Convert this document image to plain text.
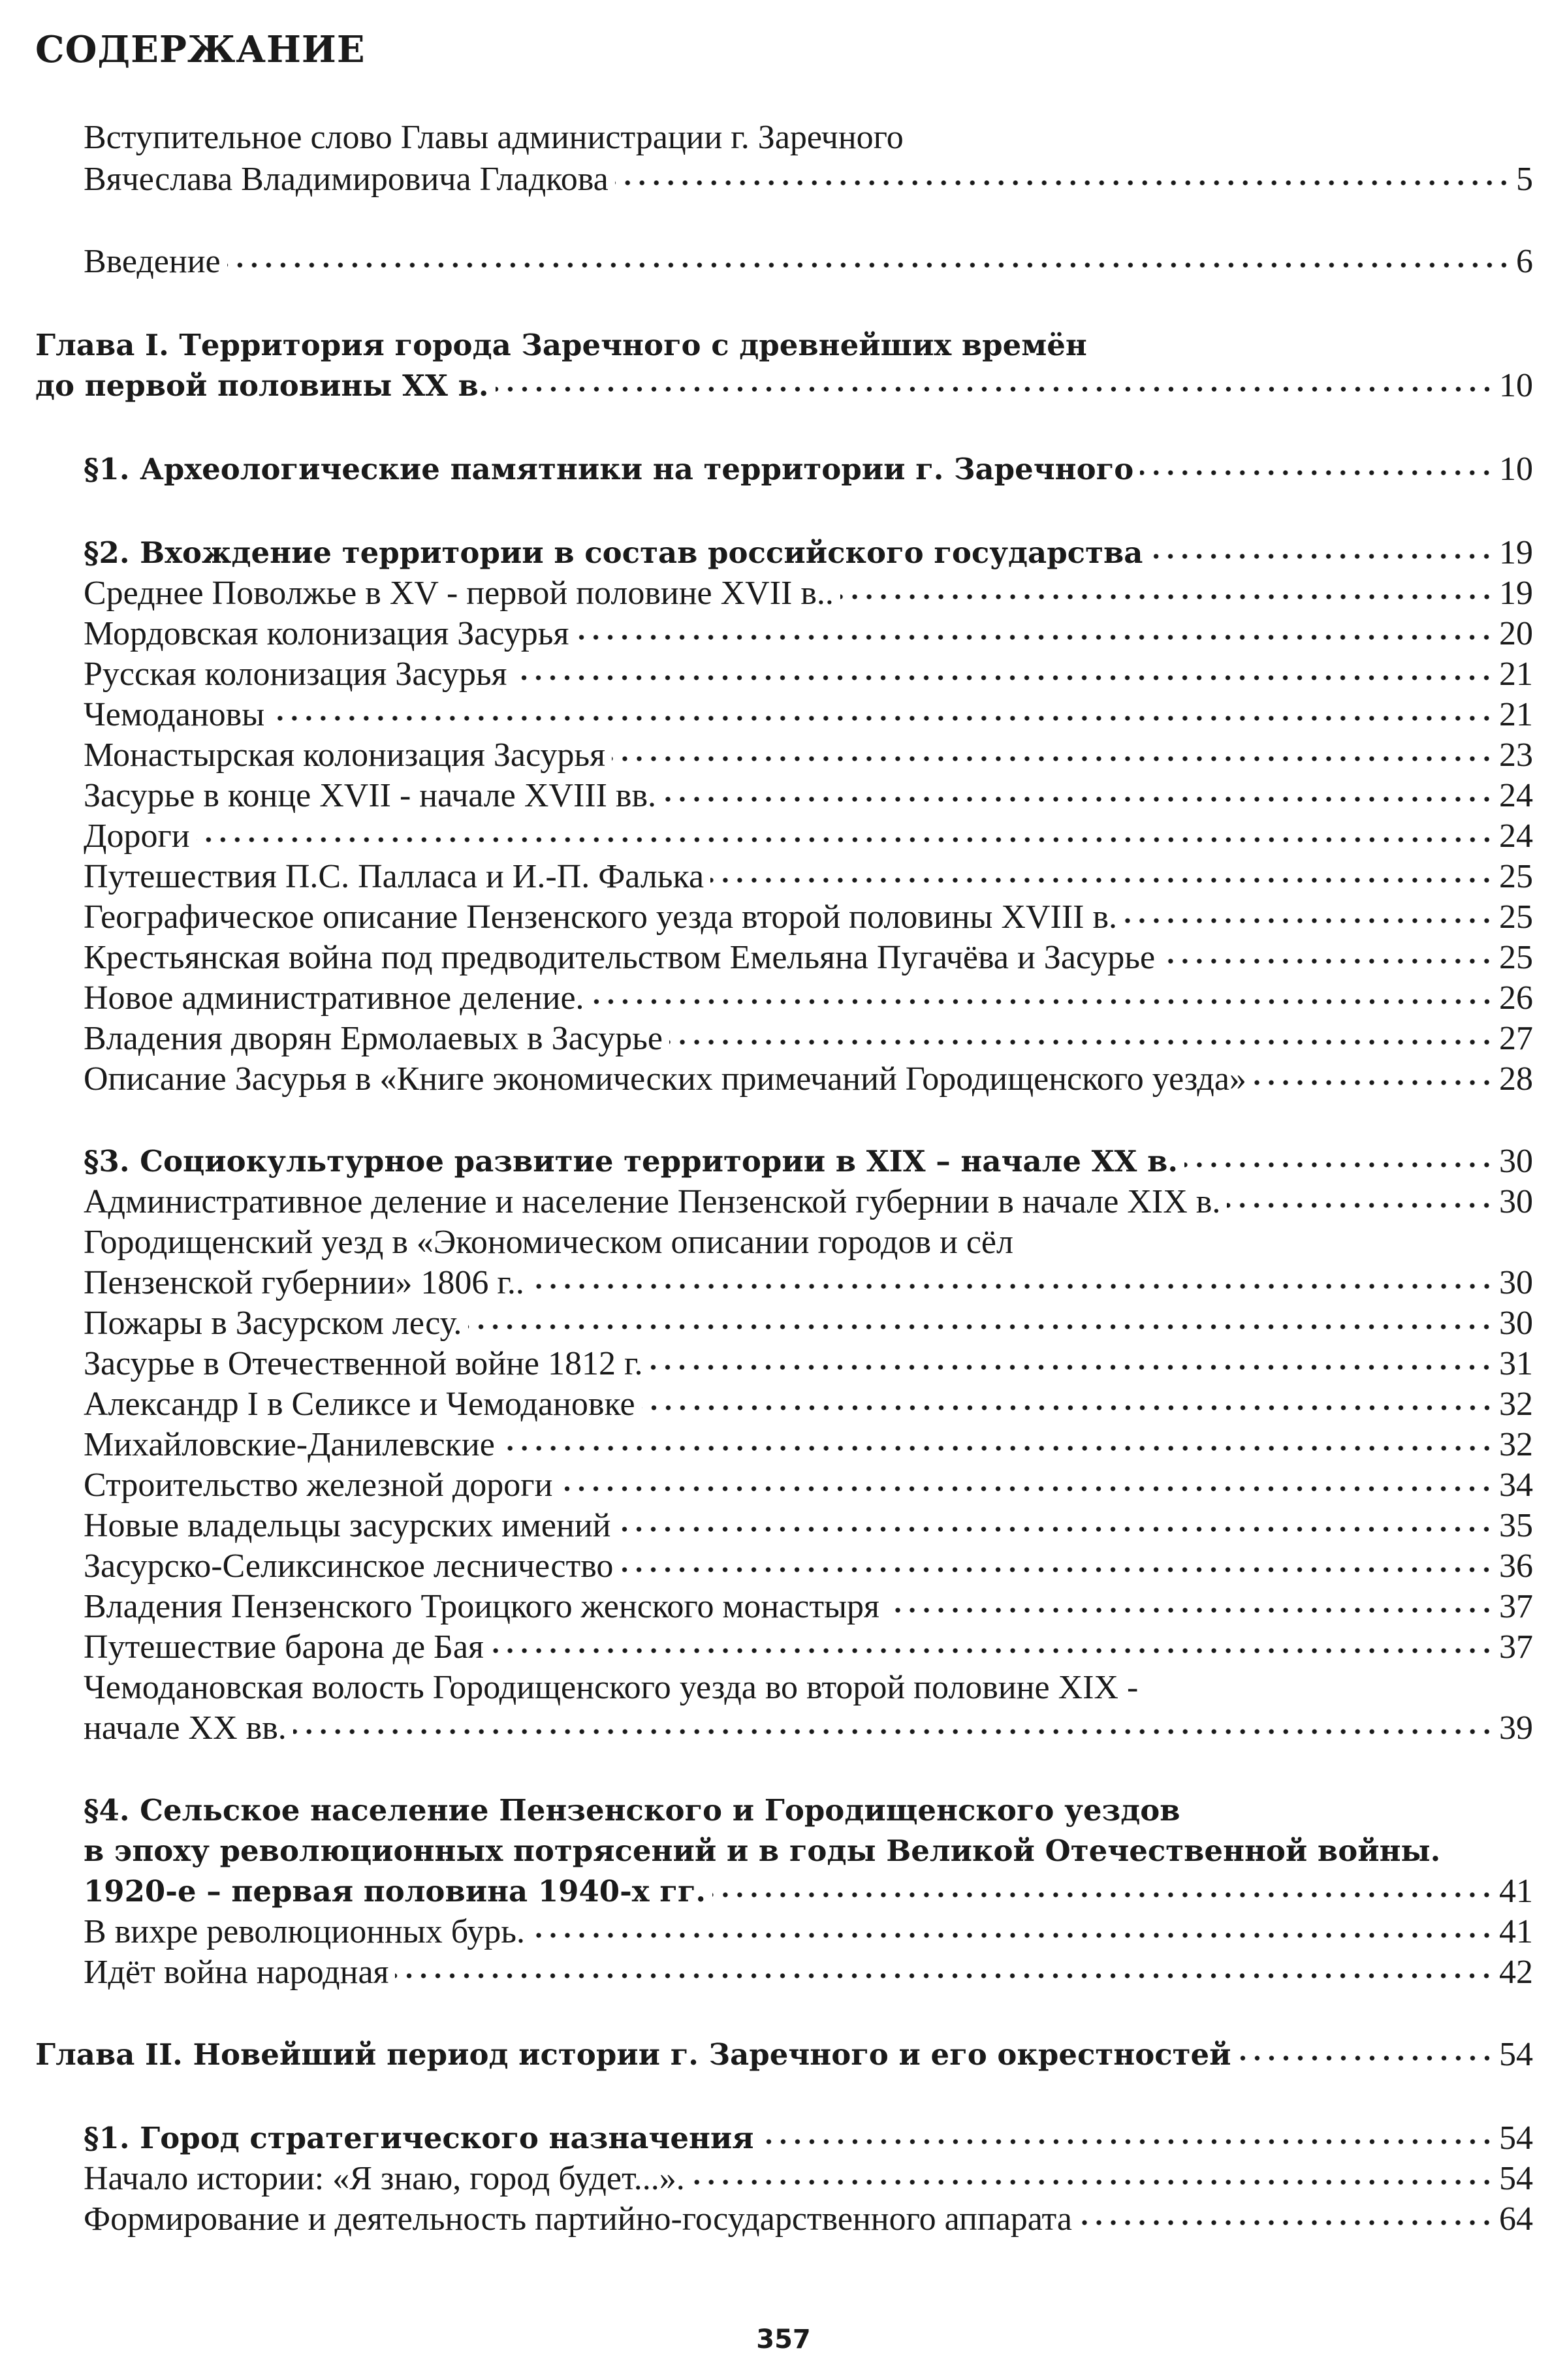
СОДЕРЖАНИЕ
Вступительное слово Главы администрации г. Заречного
Вячеслава Владимировича Гладкова	5
Введение	6
Глава I. Территория города Заречного с древнейших времён
до первой половины XX в.	10
§1. Археологические памятники на территории г. Заречного	10
§2. Вхождение территории в состав российского государства	19
Среднее Поволжье в XV - первой половине XVII в..	19
Мордовская колонизация Засурья	20
Русская колонизация Засурья	21
Чемодановы	21
Монастырская колонизация Засурья	23
Засурье в конце XVII - начале XVIII вв.	24
Дороги	24
Путешествия П.С. Палласа и И.-П. Фалька	25
Географическое описание Пензенского уезда второй половины XVIII в.	25
Крестьянская война под предводительством Емельяна Пугачёва и Засурье	25
Новое административное деление.	26
Владения дворян Ермолаевых в Засурье	27
Описание Засурья в «Книге экономических примечаний Городищенского уезда»	28
§3. Социокультурное развитие территории в XIX – начале XX в.	30
Административное деление и население Пензенской губернии в начале XIX в.	30
Городищенский уезд в «Экономическом описании городов и сёл
Пензенской губернии» 1806 г..	30
Пожары в Засурском лесу.	30
Засурье в Отечественной войне 1812 г.	31
Александр I в Селиксе и Чемодановке	32
Михайловские-Данилевские	32
Строительство железной дороги	34
Новые владельцы засурских имений	35
Засурско-Селиксинское лесничество	36
Владения Пензенского Троицкого женского монастыря	37
Путешествие барона де Бая	37
Чемодановская волость Городищенского уезда во второй половине XIX -
начале XX вв.	39
§4. Сельское население Пензенского и Городищенского уездов
в эпоху революционных потрясений и в годы Великой Отечественной войны.
1920-е – первая половина 1940-х гг.	41
В вихре революционных бурь.	41
Идёт война народная	42
Глава II. Новейший период истории г. Заречного и его окрестностей	54
§1. Город стратегического назначения	54
Начало истории: «Я знаю, город будет...».	54
Формирование и деятельность партийно-государственного аппарата	64
357
